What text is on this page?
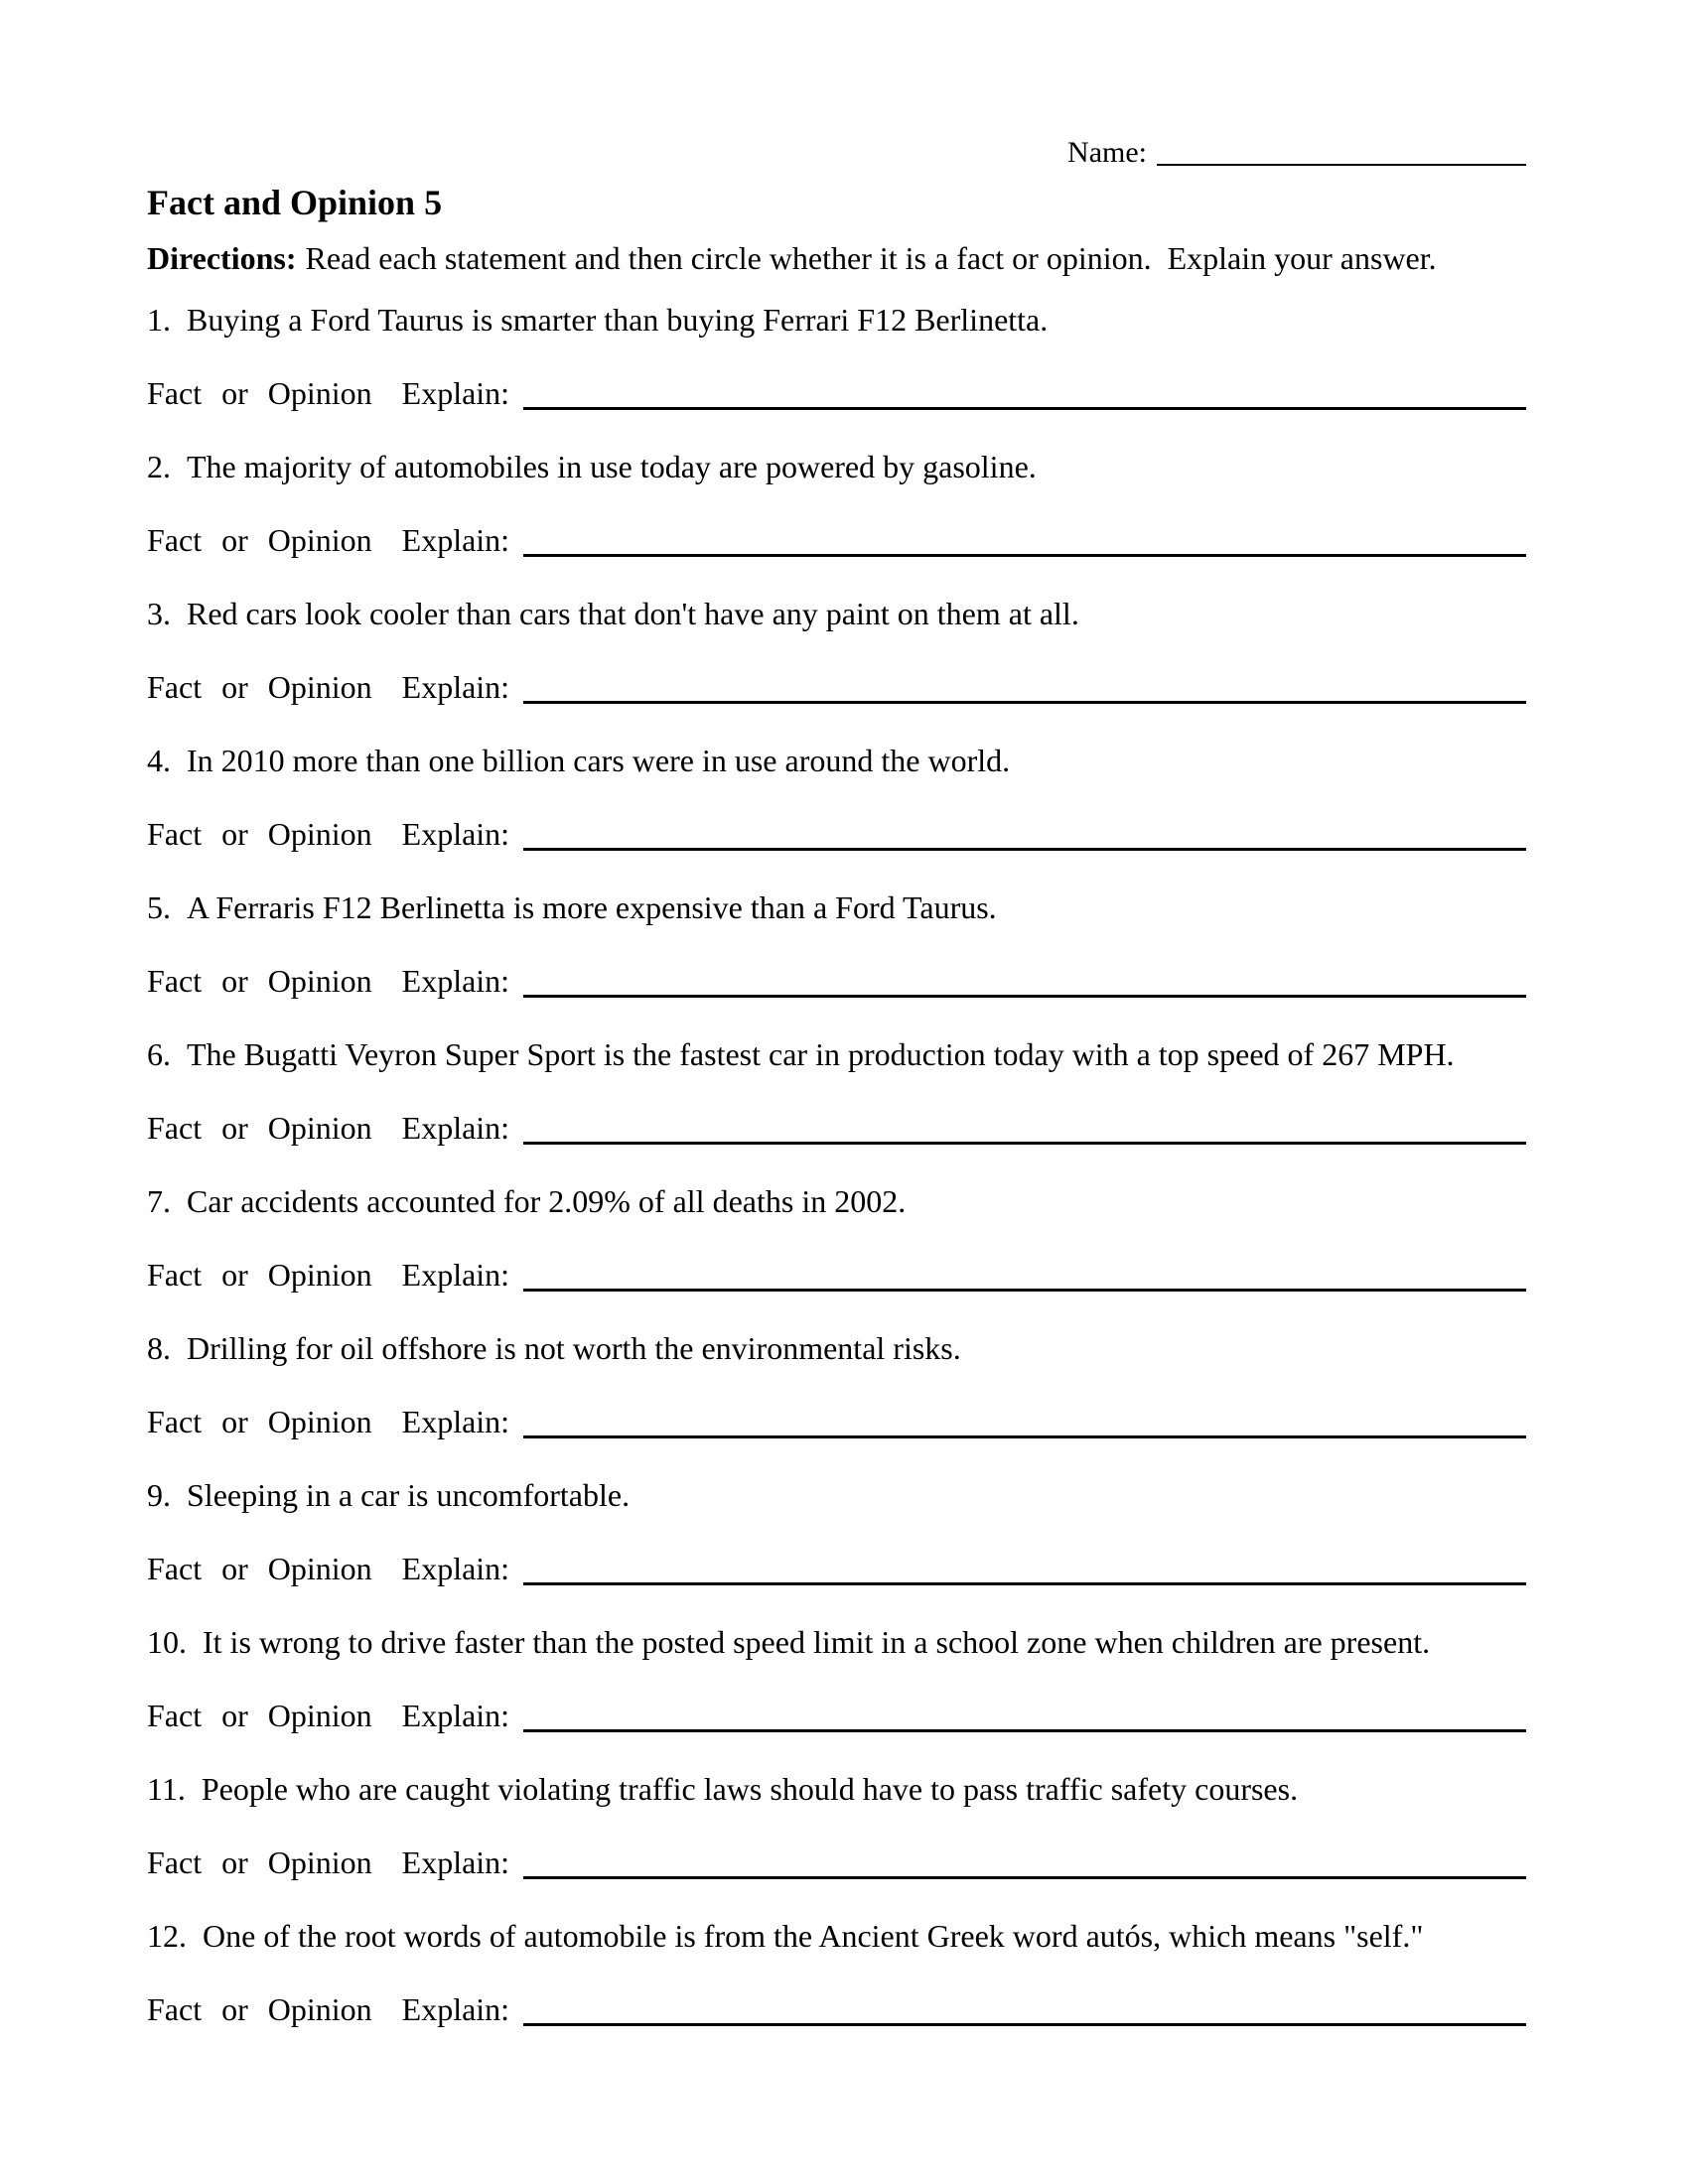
Name:
Fact and Opinion 5

Directions: Read each statement and then circle whether it is a fact or opinion.  Explain your answer.

1. Buying a Ford Taurus is smarter than buying Ferrari F12 Berlinetta.

Fact or Opinion Explain:

2. The majority of automobiles in use today are powered by gasoline.

Fact or Opinion Explain:

3. Red cars look cooler than cars that don't have any paint on them at all.

Fact or Opinion Explain:

4. In 2010 more than one billion cars were in use around the world.

Fact or Opinion Explain:

5. A Ferraris F12 Berlinetta is more expensive than a Ford Taurus.

Fact or Opinion Explain:

6. The Bugatti Veyron Super Sport is the fastest car in production today with a top speed of 267 MPH.

Fact or Opinion Explain:

7. Car accidents accounted for 2.09% of all deaths in 2002.

Fact or Opinion Explain:

8. Drilling for oil offshore is not worth the environmental risks.

Fact or Opinion Explain:

9. Sleeping in a car is uncomfortable.

Fact or Opinion Explain:

10. It is wrong to drive faster than the posted speed limit in a school zone when children are present.

Fact or Opinion Explain:

11. People who are caught violating traffic laws should have to pass traffic safety courses.

Fact or Opinion Explain:

12. One of the root words of automobile is from the Ancient Greek word autós, which means "self."

Fact or Opinion Explain:
